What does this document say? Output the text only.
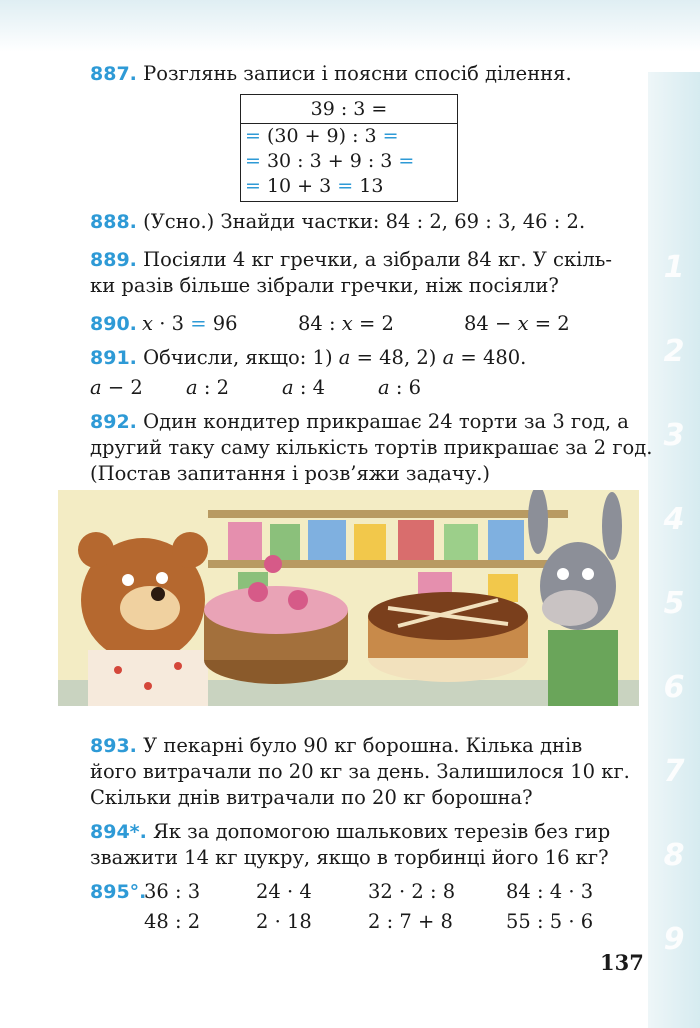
1
2
3
4
5
6
7
8
9
887. Розглянь записи і поясни спосіб ділення.
39 : 3 =
= (30 + 9) : 3 =
= 30 : 3 + 9 : 3 =
= 10 + 3 = 13
888. (Усно.) Знайди частки: 84 : 2, 69 : 3, 46 : 2.
889. Посіяли 4 кг гречки, а зібрали 84 кг. У скіль-
ки разів більше зібрали гречки, ніж посіяли?
890. x · 3 = 96	84 : x = 2	84 − x = 2
891. Обчисли, якщо: 1) a = 48, 2) a = 480.
a − 2 a : 2	a : 4	a : 6
892. Один кондитер прикрашає 24 торти за 3 год, а
другий таку саму кількість тортів прикрашає за 2 год.
(Постав запитання і розв’яжи задачу.)
893. У пекарні було 90 кг борошна. Кілька днів
його витрачали по 20 кг за день. Залишилося 10 кг.
Скільки днів витрачали по 20 кг борошна?
894*. Як за допомогою шалькових терезів без гир
зважити 14 кг цукру, якщо в торбинці його 16 кг?
895°.
36 : 3	24 · 4	32 · 2 : 8	84 : 4 · 3
48 : 2	2 · 18	2 : 7 + 8	55 : 5 · 6
137
